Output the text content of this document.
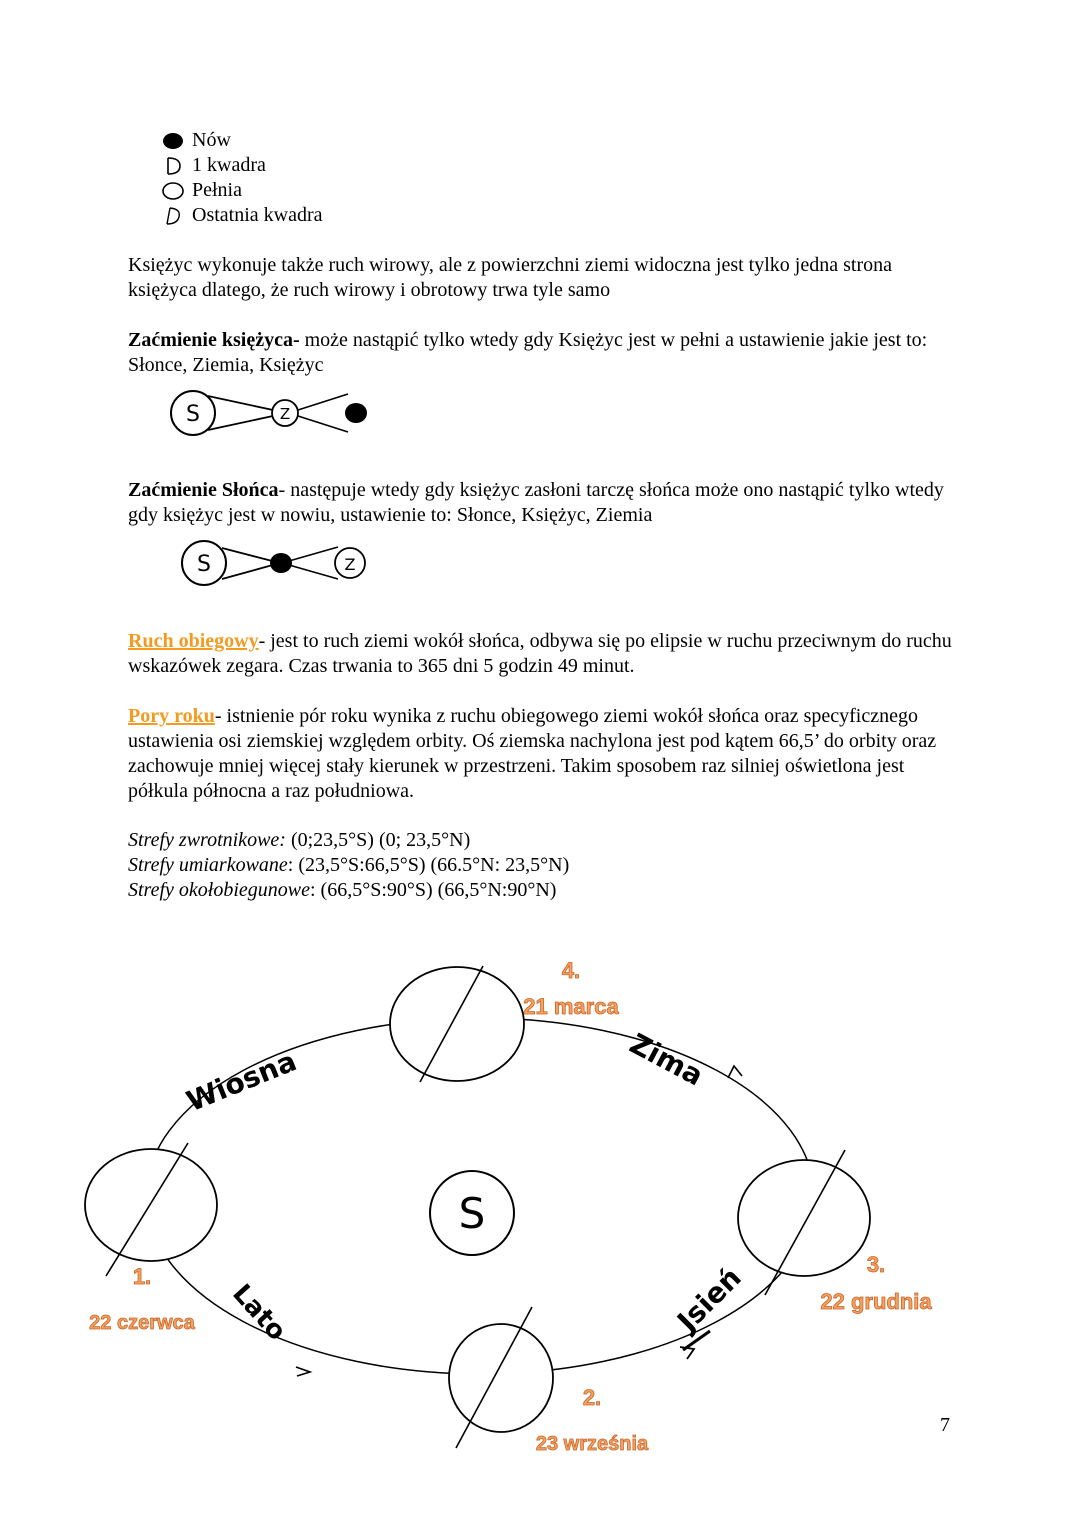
Nów
1 kwadra
Pełnia
Ostatnia kwadra

Księżyc wykonuje także ruch wirowy, ale z powierzchni ziemi widoczna jest tylko jedna strona księżyca dlatego, że ruch wirowy i obrotowy trwa tyle samo

Zaćmienie księżyca- może nastąpić tylko wtedy gdy Księżyc jest w pełni a ustawienie jakie jest to: Słonce, Ziemia, Księżyc

S	Z

Zaćmienie Słońca- następuje wtedy gdy księżyc zasłoni tarczę słońca może ono nastąpić tylko wtedy gdy księżyc jest w nowiu, ustawienie to: Słonce, Księżyc, Ziemia

S	Z

Ruch obiegowy- jest to ruch ziemi wokół słońca, odbywa się po elipsie w ruchu przeciwnym do ruchu wskazówek zegara. Czas trwania to 365 dni 5 godzin 49 minut.

Pory roku- istnienie pór roku wynika z ruchu obiegowego ziemi wokół słońca oraz specyficznego ustawienia osi ziemskiej względem orbity. Oś ziemska nachylona jest pod kątem 66,5’ do orbity oraz zachowuje mniej więcej stały kierunek w przestrzeni. Takim sposobem raz silniej oświetlona jest półkula północna a raz południowa.

Strefy zwrotnikowe: (0;23,5°S) (0; 23,5°N)
Strefy umiarkowane: (23,5°S:66,5°S) (66.5°N: 23,5°N)
Strefy okołobiegunowe: (66,5°S:90°S) (66,5°N:90°N)
S
1.
22 czerwca
2.
23 września
3.
22 grudnia
4.
21 marca
Wiosna
Lato	Jsień
Zima
7
